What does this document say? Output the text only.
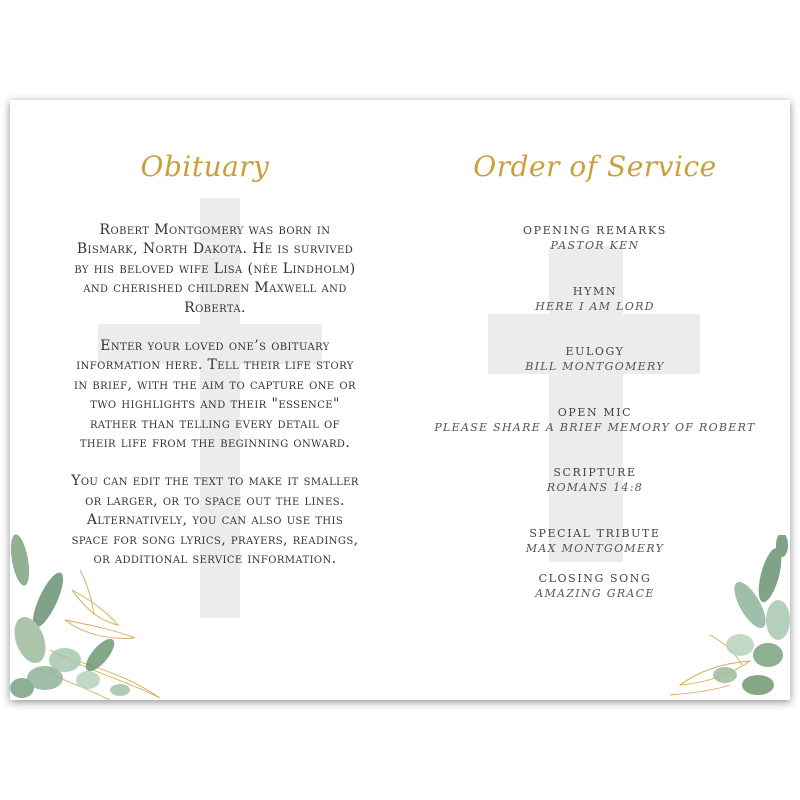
Obituary	Order of Service

Robert Montgomery was born in Bismark, North Dakota. He is survived by his beloved wife Lisa (née Lindholm) and cherished children Maxwell and Roberta.

Enter your loved one’s obituary information here. Tell their life story in brief, with the aim to capture one or two highlights and their "essence" rather than telling every detail of their life from the beginning onward.

You can edit the text to make it smaller or larger, or to space out the lines. Alternatively, you can also use this space for song lyrics, prayers, readings, or additional service information.

OPENING REMARKS
PASTOR KEN
HYMN
HERE I AM LORD
EULOGY
BILL MONTGOMERY
OPEN MIC
PLEASE SHARE A BRIEF MEMORY OF ROBERT
SCRIPTURE
ROMANS 14:8
SPECIAL TRIBUTE
MAX MONTGOMERY
CLOSING SONG
AMAZING GRACE
